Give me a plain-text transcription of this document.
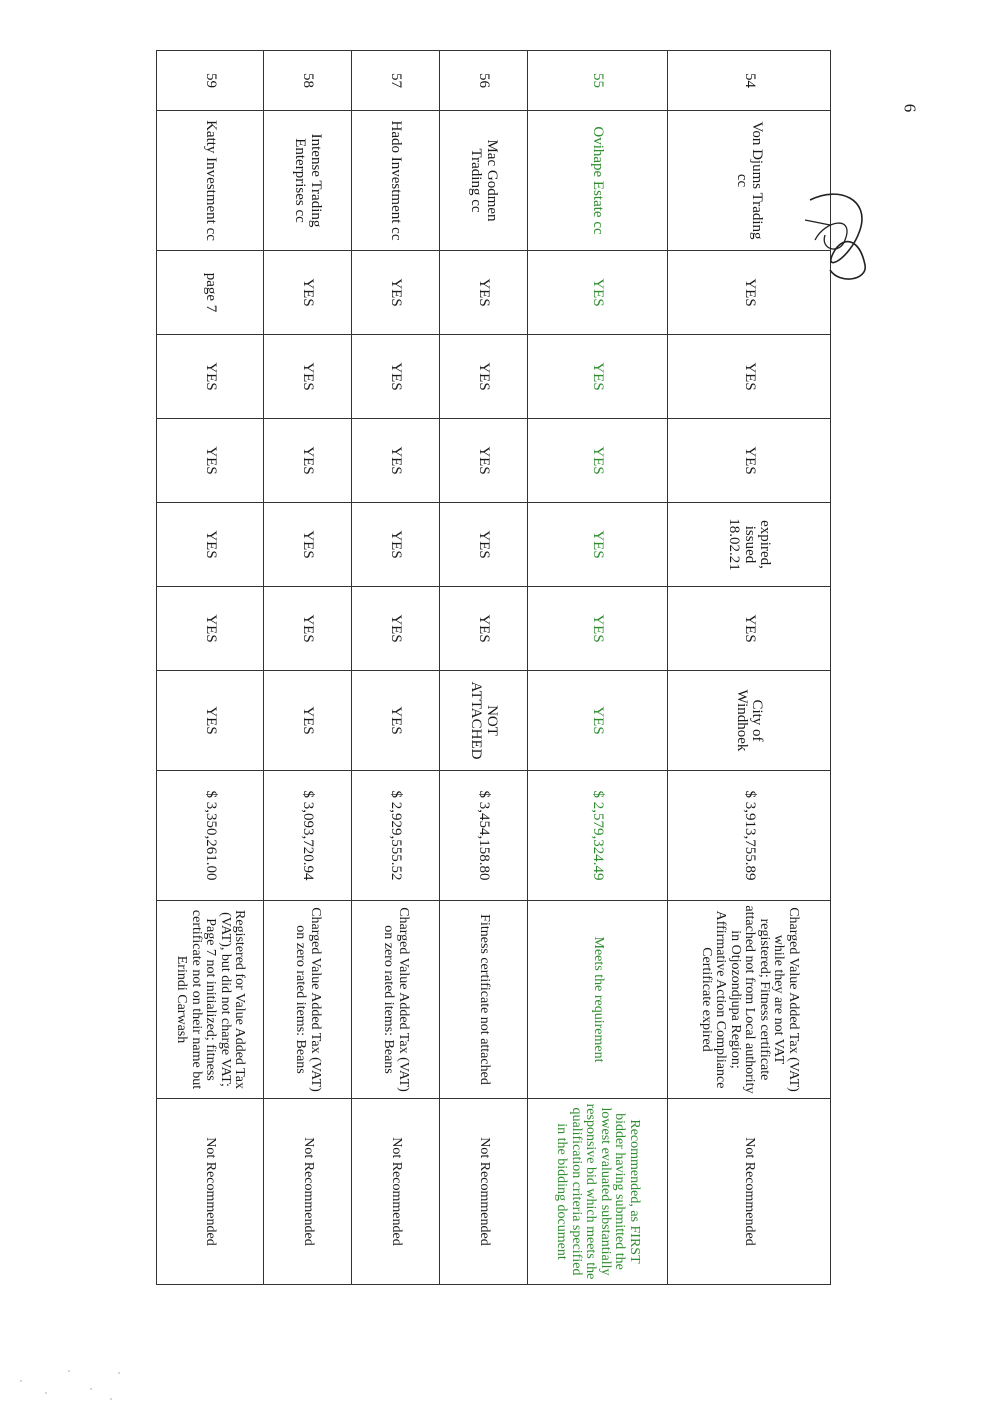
54	Von Djums Trading cc	YES	YES	YES	expired, issued 18.02.21	YES	City of Windhoek	$ 3,913,755.89	Charged Value Added Tax (VAT) while they are not VAT registered; Fitness certificate attached not from Local authority in Otjozondjupa Region; Affirmative Action Compliance Certificate expired	Not Recommended
55	Ovihape Estate cc	YES	YES	YES	YES	YES	YES	$ 2,579,324.49	Meets the requirement	Recommended, as FIRST bidder having submitted the lowest evaluated substantially responsive bid which meets the qualification criteria specified in the bidding document
56	Mac Godmen Trading cc	YES	YES	YES	YES	YES	NOT ATTACHED	$ 3,454,158.80	Fitness certificate not attached	Not Recommended
57	Hado Investment cc	YES	YES	YES	YES	YES	YES	$ 2,929,555.52	Charged Value Added Tax (VAT) on zero rated items: Beans	Not Recommended
58	Intense Trading Enterprises cc	YES	YES	YES	YES	YES	YES	$ 3,093,720.94	Charged Value Added Tax (VAT) on zero rated items: Beans	Not Recommended
59	Katty Investment cc	page 7	YES	YES	YES	YES	YES	$ 3,350,261.00	Registered for Value Added Tax (VAT), but did not charge VAT; Page 7 not initialized; fitness certificate not on their name but Erindi Carwash	Not Recommended
6
